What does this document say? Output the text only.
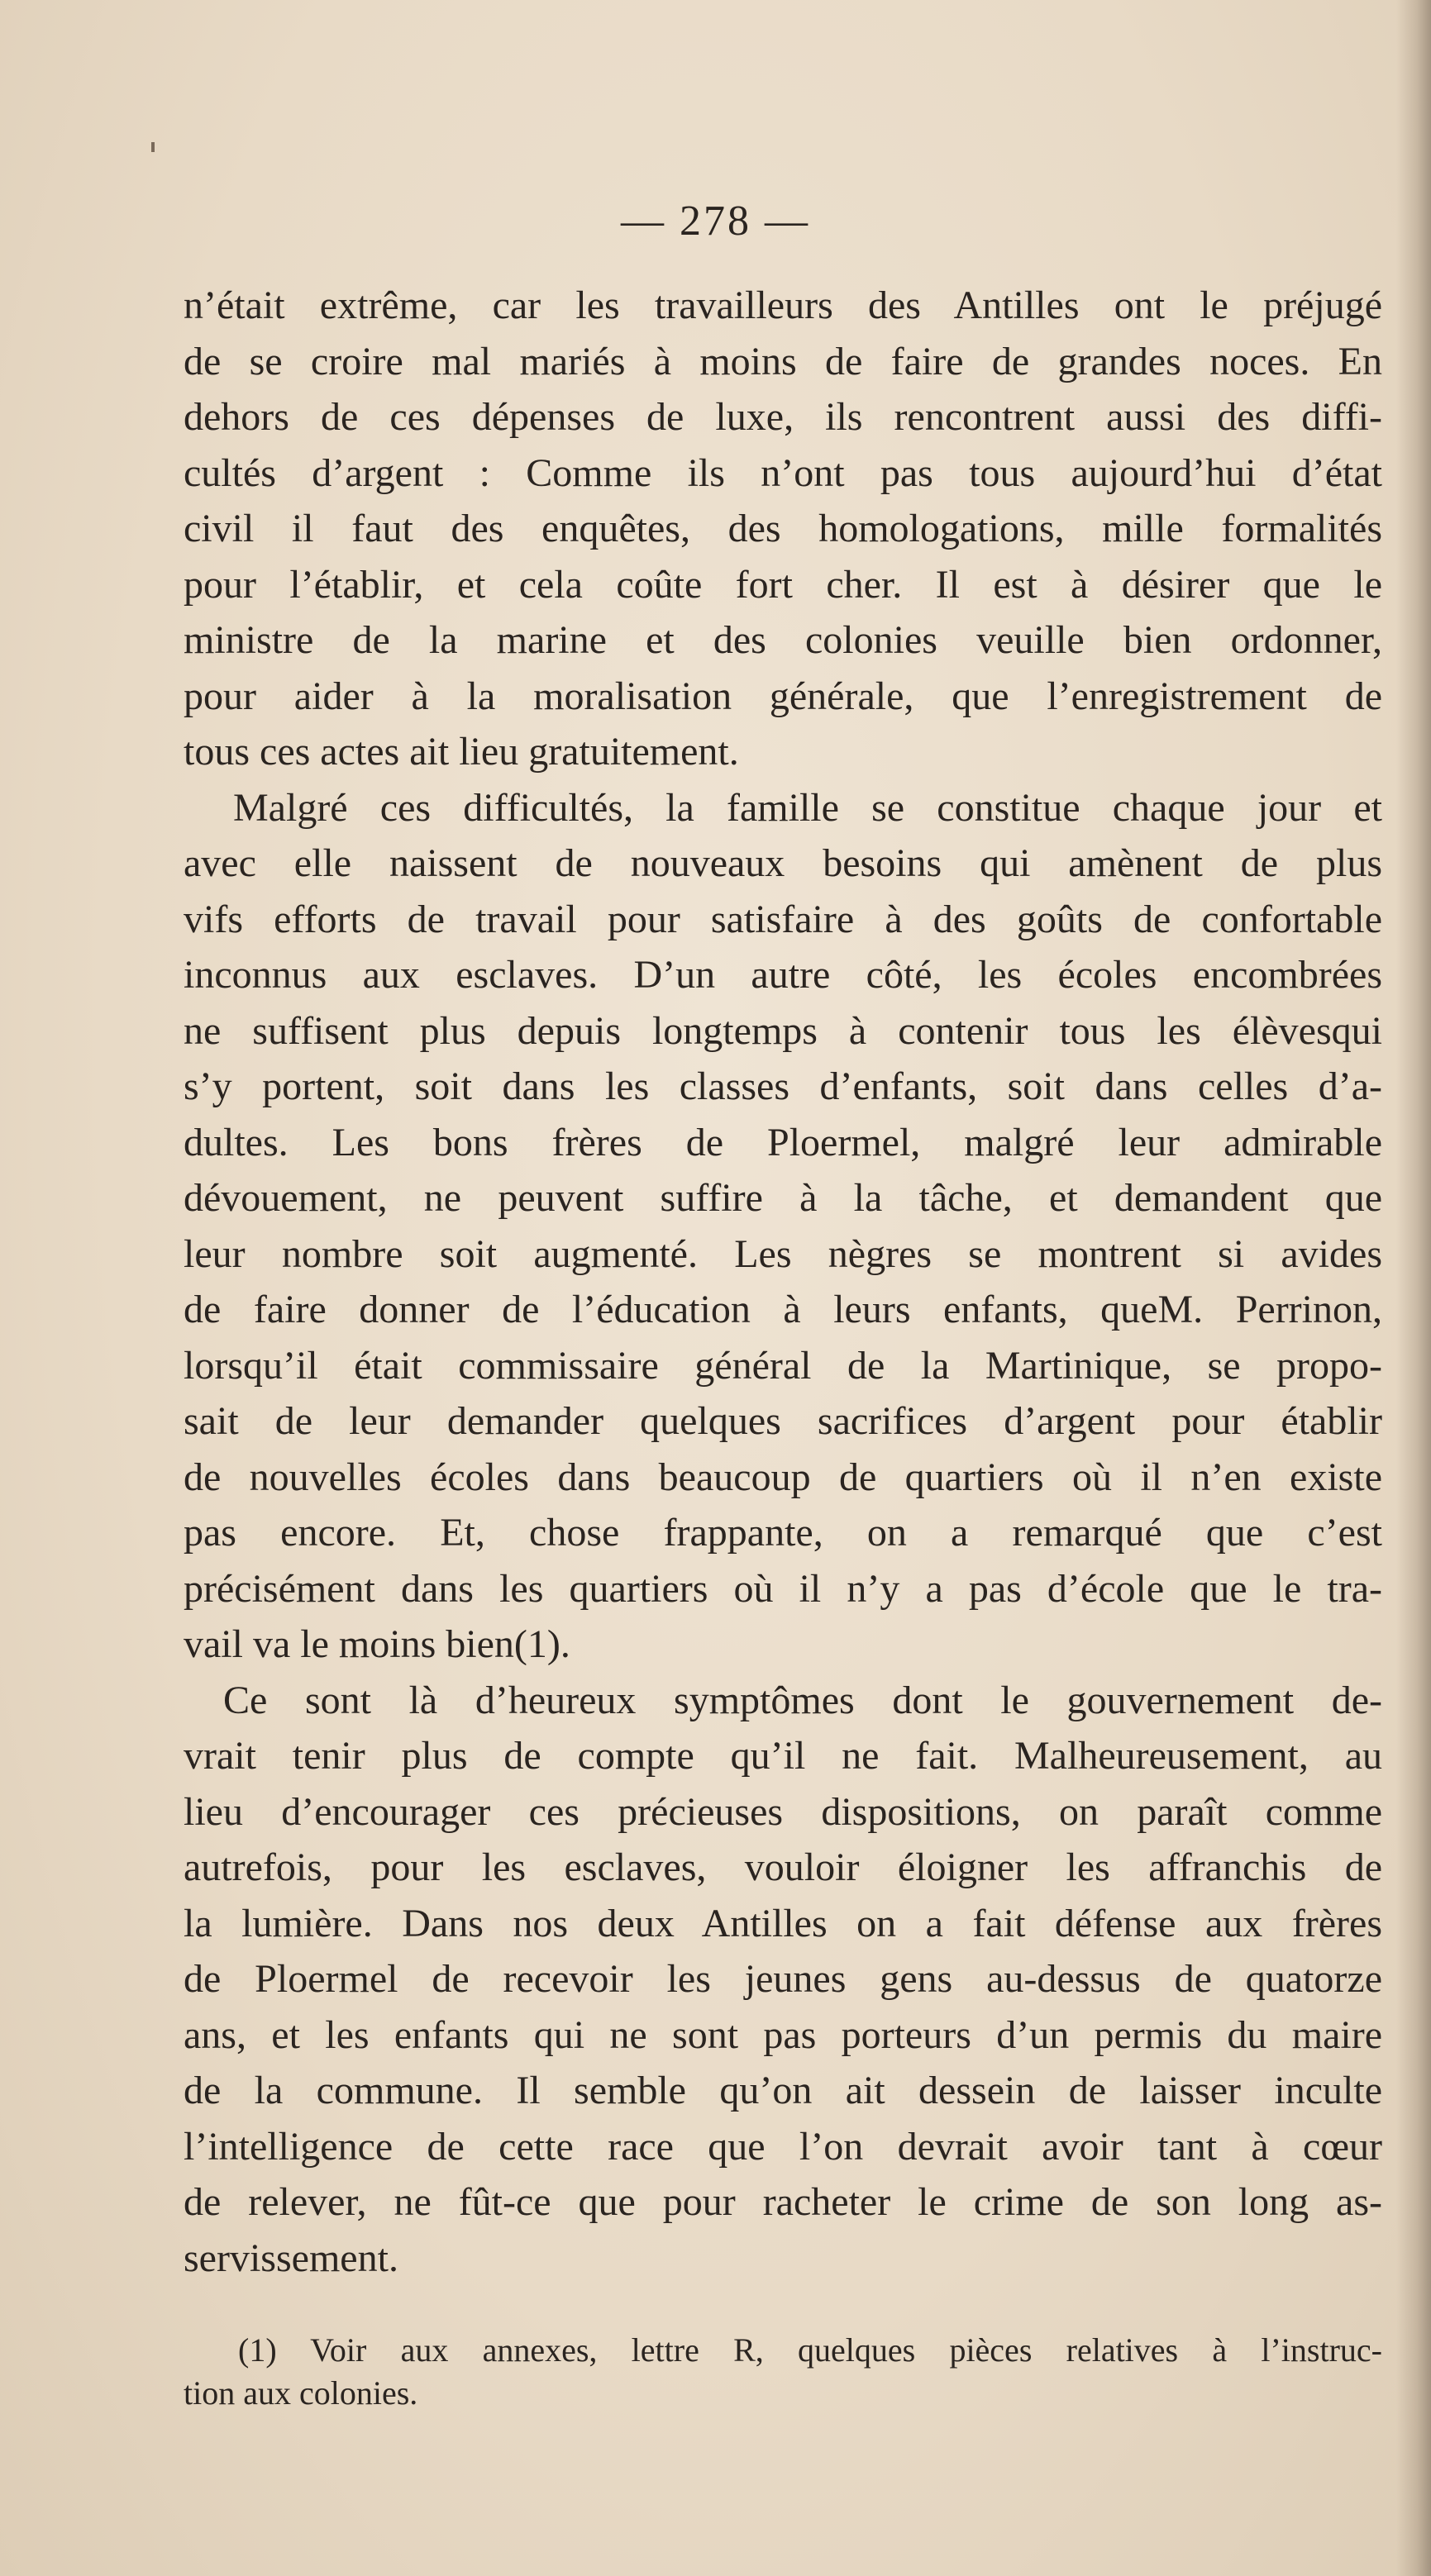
— 278 —
n’était extrême, car les travailleurs des Antilles ont le préjugé
de se croire mal mariés à moins de faire de grandes noces. En
dehors de ces dépenses de luxe, ils rencontrent aussi des diffi-
cultés d’argent : Comme ils n’ont pas tous aujourd’hui d’état
civil il faut des enquêtes, des homologations, mille formalités
pour l’établir, et cela coûte fort cher. Il est à désirer que le
ministre de la marine et des colonies veuille bien ordonner,
pour aider à la moralisation générale, que l’enregistrement de
tous ces actes ait lieu gratuitement.
Malgré ces difficultés, la famille se constitue chaque jour et
avec elle naissent de nouveaux besoins qui amènent de plus
vifs efforts de travail pour satisfaire à des goûts de confortable
inconnus aux esclaves. D’un autre côté, les écoles encombrées
ne suffisent plus depuis longtemps à contenir tous les élèvesqui
s’y portent, soit dans les classes d’enfants, soit dans celles d’a-
dultes. Les bons frères de Ploermel, malgré leur admirable
dévouement, ne peuvent suffire à la tâche, et demandent que
leur nombre soit augmenté. Les nègres se montrent si avides
de faire donner de l’éducation à leurs enfants, queM. Perrinon,
lorsqu’il était commissaire général de la Martinique, se propo-
sait de leur demander quelques sacrifices d’argent pour établir
de nouvelles écoles dans beaucoup de quartiers où il n’en existe
pas encore. Et, chose frappante, on a remarqué que c’est
précisément dans les quartiers où il n’y a pas d’école que le tra-
vail va le moins bien(1).
Ce sont là d’heureux symptômes dont le gouvernement de-
vrait tenir plus de compte qu’il ne fait. Malheureusement, au
lieu d’encourager ces précieuses dispositions, on paraît comme
autrefois, pour les esclaves, vouloir éloigner les affranchis de
la lumière. Dans nos deux Antilles on a fait défense aux frères
de Ploermel de recevoir les jeunes gens au-dessus de quatorze
ans, et les enfants qui ne sont pas porteurs d’un permis du maire
de la commune. Il semble qu’on ait dessein de laisser inculte
l’intelligence de cette race que l’on devrait avoir tant à cœur
de relever, ne fût-ce que pour racheter le crime de son long as-
servissement.
(1) Voir aux annexes, lettre R, quelques pièces relatives à l’instruc-
tion aux colonies.
